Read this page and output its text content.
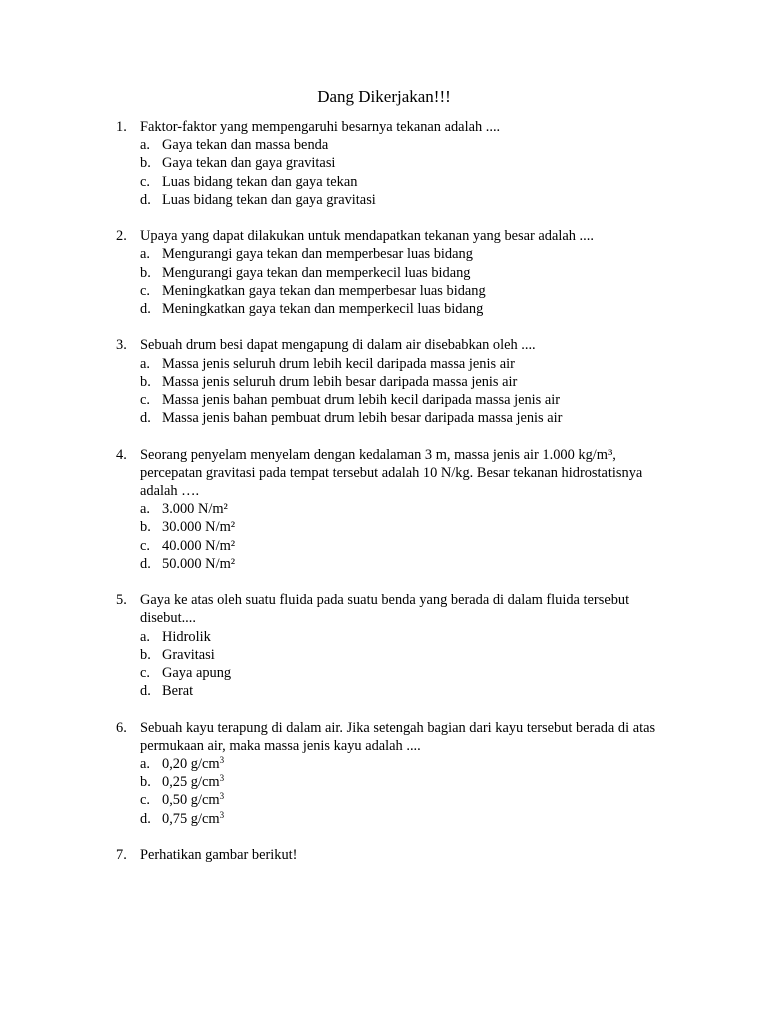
Dang Dikerjakan!!!
1. Faktor-faktor yang mempengaruhi besarnya tekanan adalah ....
a. Gaya tekan dan massa benda
b. Gaya tekan dan gaya gravitasi
c. Luas bidang tekan dan gaya tekan
d. Luas bidang tekan dan gaya gravitasi
2. Upaya yang dapat dilakukan untuk mendapatkan tekanan yang besar adalah ....
a. Mengurangi gaya tekan dan memperbesar luas bidang
b. Mengurangi gaya tekan dan memperkecil luas bidang
c. Meningkatkan gaya tekan dan memperbesar luas bidang
d. Meningkatkan gaya tekan dan memperkecil luas bidang
3. Sebuah drum besi dapat mengapung di dalam air disebabkan oleh ....
a. Massa jenis seluruh drum lebih kecil daripada massa jenis air
b. Massa jenis seluruh drum lebih besar daripada massa jenis air
c. Massa jenis bahan pembuat drum lebih kecil daripada massa jenis air
d. Massa jenis bahan pembuat drum lebih besar daripada massa jenis air
4. Seorang penyelam menyelam dengan kedalaman 3 m, massa jenis air 1.000 kg/m³, percepatan gravitasi pada tempat tersebut adalah 10 N/kg. Besar tekanan hidrostatisnya adalah ….
a. 3.000 N/m²
b. 30.000 N/m²
c. 40.000 N/m²
d. 50.000 N/m²
5. Gaya ke atas oleh suatu fluida pada suatu benda yang berada di dalam fluida tersebut disebut....
a. Hidrolik
b. Gravitasi
c. Gaya apung
d. Berat
6. Sebuah kayu terapung di dalam air. Jika setengah bagian dari kayu tersebut berada di atas permukaan air, maka massa jenis kayu adalah ....
a. 0,20 $g/cm^3$
b. 0,25 $g/cm^3$
c. 0,50 $g/cm^3$
d. 0,75 $g/cm^3$
7. Perhatikan gambar berikut!
